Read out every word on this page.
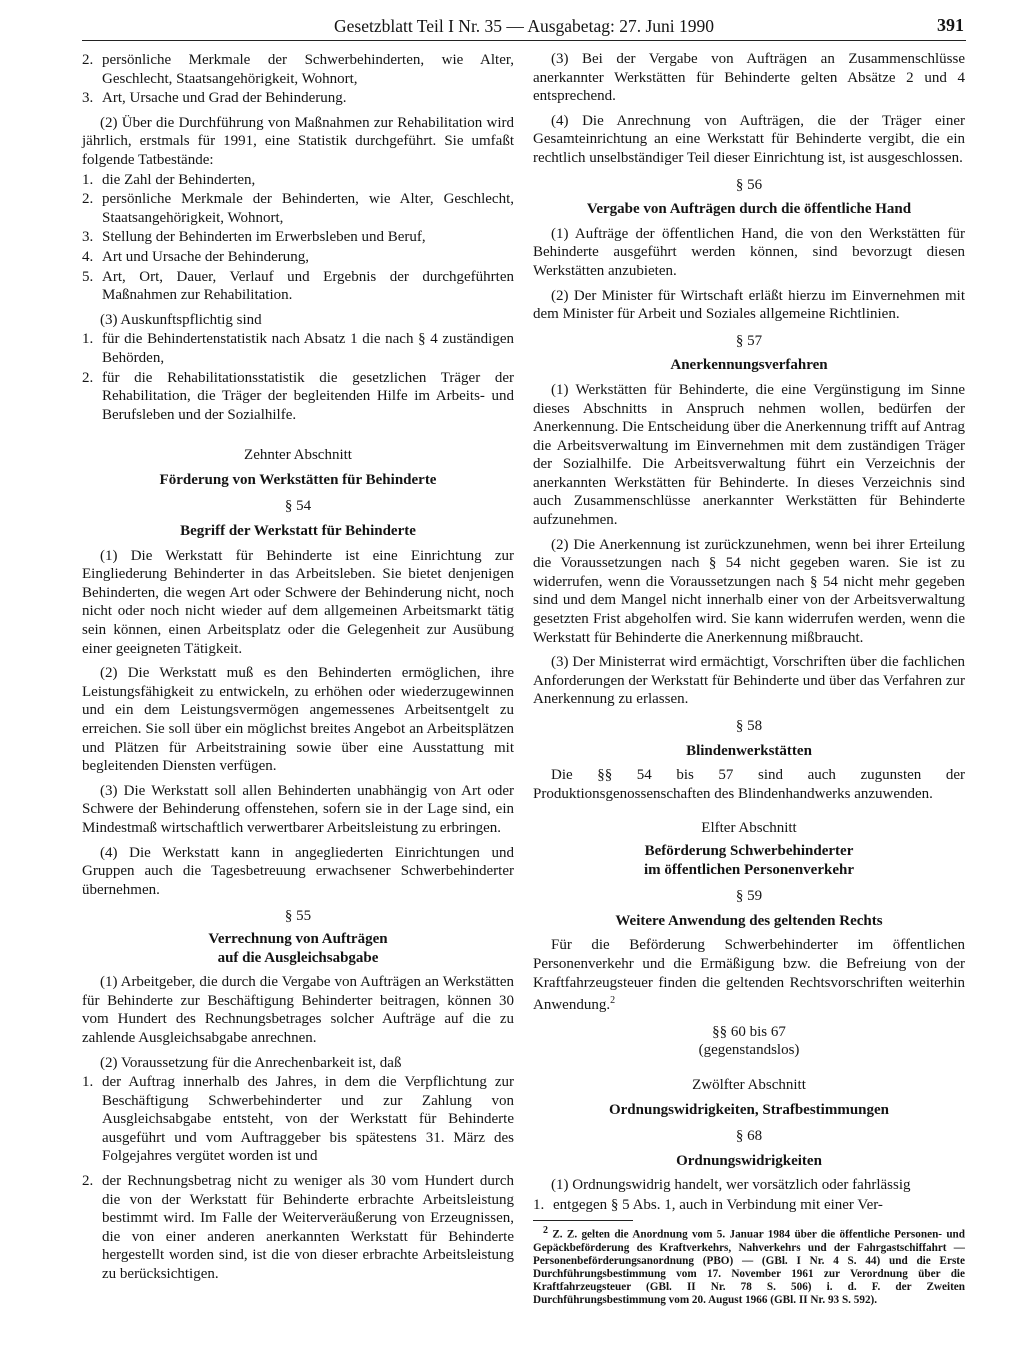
Gesetzblatt Teil I Nr. 35 — Ausgabetag: 27. Juni 1990	391
2. persönliche Merkmale der Schwerbehinderten, wie Alter, Geschlecht, Staatsangehörigkeit, Wohnort,
3. Art, Ursache und Grad der Behinderung.

(2) Über die Durchführung von Maßnahmen zur Rehabilitation wird jährlich, erstmals für 1991, eine Statistik durchgeführt. Sie umfaßt folgende Tatbestände:

1. die Zahl der Behinderten,
2. persönliche Merkmale der Behinderten, wie Alter, Geschlecht, Staatsangehörigkeit, Wohnort,
3. Stellung der Behinderten im Erwerbsleben und Beruf,
4. Art und Ursache der Behinderung,
5. Art, Ort, Dauer, Verlauf und Ergebnis der durchgeführten Maßnahmen zur Rehabilitation.

(3) Auskunftspflichtig sind

1. für die Behindertenstatistik nach Absatz 1 die nach § 4 zuständigen Behörden,
2. für die Rehabilitationsstatistik die gesetzlichen Träger der Rehabilitation, die Träger der begleitenden Hilfe im Arbeits- und Berufsleben und der Sozialhilfe.
Zehnter Abschnitt
Förderung von Werkstätten für Behinderte
§ 54
Begriff der Werkstatt für Behinderte

(1) Die Werkstatt für Behinderte ist eine Einrichtung zur Eingliederung Behinderter in das Arbeitsleben. Sie bietet denjenigen Behinderten, die wegen Art oder Schwere der Behinderung nicht, noch nicht oder noch nicht wieder auf dem allgemeinen Arbeitsmarkt tätig sein können, einen Arbeitsplatz oder die Gelegenheit zur Ausübung einer geeigneten Tätigkeit.

(2) Die Werkstatt muß es den Behinderten ermöglichen, ihre Leistungsfähigkeit zu entwickeln, zu erhöhen oder wiederzugewinnen und ein dem Leistungsvermögen angemessenes Arbeitsentgelt zu erreichen. Sie soll über ein möglichst breites Angebot an Arbeitsplätzen und Plätzen für Arbeitstraining sowie über eine Ausstattung mit begleitenden Diensten verfügen.

(3) Die Werkstatt soll allen Behinderten unabhängig von Art oder Schwere der Behinderung offenstehen, sofern sie in der Lage sind, ein Mindestmaß wirtschaftlich verwertbarer Arbeitsleistung zu erbringen.

(4) Die Werkstatt kann in angegliederten Einrichtungen und Gruppen auch die Tagesbetreuung erwachsener Schwerbehinderter übernehmen.

§ 55
Verrechnung von Aufträgen
auf die Ausgleichsabgabe

(1) Arbeitgeber, die durch die Vergabe von Aufträgen an Werkstätten für Behinderte zur Beschäftigung Behinderter beitragen, können 30 vom Hundert des Rechnungsbetrages solcher Aufträge auf die zu zahlende Ausgleichsabgabe anrechnen.

(2) Voraussetzung für die Anrechenbarkeit ist, daß

1. der Auftrag innerhalb des Jahres, in dem die Verpflichtung zur Beschäftigung Schwerbehinderter und zur Zahlung von Ausgleichsabgabe entsteht, von der Werkstatt für Behinderte ausgeführt und vom Auftraggeber bis spätestens 31. März des Folgejahres vergütet worden ist und
2. der Rechnungsbetrag nicht zu weniger als 30 vom Hundert durch die von der Werkstatt für Behinderte erbrachte Arbeitsleistung bestimmt wird. Im Falle der Weiterveräußerung von Erzeugnissen, die von einer anderen anerkannten Werkstatt für Behinderte hergestellt worden sind, ist die von dieser erbrachte Arbeitsleistung zu berücksichtigen.

(3) Bei der Vergabe von Aufträgen an Zusammenschlüsse anerkannter Werkstätten für Behinderte gelten Absätze 2 und 4 entsprechend.

(4) Die Anrechnung von Aufträgen, die der Träger einer Gesamteinrichtung an eine Werkstatt für Behinderte vergibt, die ein rechtlich unselbständiger Teil dieser Einrichtung ist, ist ausgeschlossen.

§ 56
Vergabe von Aufträgen durch die öffentliche Hand

(1) Aufträge der öffentlichen Hand, die von den Werkstätten für Behinderte ausgeführt werden können, sind bevorzugt diesen Werkstätten anzubieten.

(2) Der Minister für Wirtschaft erläßt hierzu im Einvernehmen mit dem Minister für Arbeit und Soziales allgemeine Richtlinien.

§ 57
Anerkennungsverfahren

(1) Werkstätten für Behinderte, die eine Vergünstigung im Sinne dieses Abschnitts in Anspruch nehmen wollen, bedürfen der Anerkennung. Die Entscheidung über die Anerkennung trifft auf Antrag die Arbeitsverwaltung im Einvernehmen mit dem zuständigen Träger der Sozialhilfe. Die Arbeitsverwaltung führt ein Verzeichnis der anerkannten Werkstätten für Behinderte. In dieses Verzeichnis sind auch Zusammenschlüsse anerkannter Werkstätten für Behinderte aufzunehmen.

(2) Die Anerkennung ist zurückzunehmen, wenn bei ihrer Erteilung die Voraussetzungen nach § 54 nicht gegeben waren. Sie ist zu widerrufen, wenn die Voraussetzungen nach § 54 nicht mehr gegeben sind und dem Mangel nicht innerhalb einer von der Arbeitsverwaltung gesetzten Frist abgeholfen wird. Sie kann widerrufen werden, wenn die Werkstatt für Behinderte die Anerkennung mißbraucht.

(3) Der Ministerrat wird ermächtigt, Vorschriften über die fachlichen Anforderungen der Werkstatt für Behinderte und über das Verfahren zur Anerkennung zu erlassen.

§ 58
Blindenwerkstätten

Die §§ 54 bis 57 sind auch zugunsten der Produktionsgenossenschaften des Blindenhandwerks anzuwenden.

Elfter Abschnitt
Beförderung Schwerbehinderter
im öffentlichen Personenverkehr
§ 59
Weitere Anwendung des geltenden Rechts

Für die Beförderung Schwerbehinderter im öffentlichen Personenverkehr und die Ermäßigung bzw. die Befreiung von der Kraftfahrzeugsteuer finden die geltenden Rechtsvorschriften weiterhin Anwendung.$^2$

§§ 60 bis 67
(gegenstandslos)
Zwölfter Abschnitt
Ordnungswidrigkeiten, Strafbestimmungen
§ 68
Ordnungswidrigkeiten

(1) Ordnungswidrig handelt, wer vorsätzlich oder fahrlässig

1. entgegen § 5 Abs. 1, auch in Verbindung mit einer Ver-

$^2$ Z. Z. gelten die Anordnung vom 5. Januar 1984 über die öffentliche Personen- und Gepäckbeförderung des Kraftverkehrs, Nahverkehrs und der Fahrgastschiffahrt — Personenbeförderungsanordnung (PBO) — (GBl. I Nr. 4 S. 44) und die Erste Durchführungsbestimmung vom 17. November 1961 zur Verordnung über die Kraftfahrzeugsteuer (GBl. II Nr. 78 S. 506) i. d. F. der Zweiten Durchführungsbestimmung vom 20. August 1966 (GBl. II Nr. 93 S. 592).
